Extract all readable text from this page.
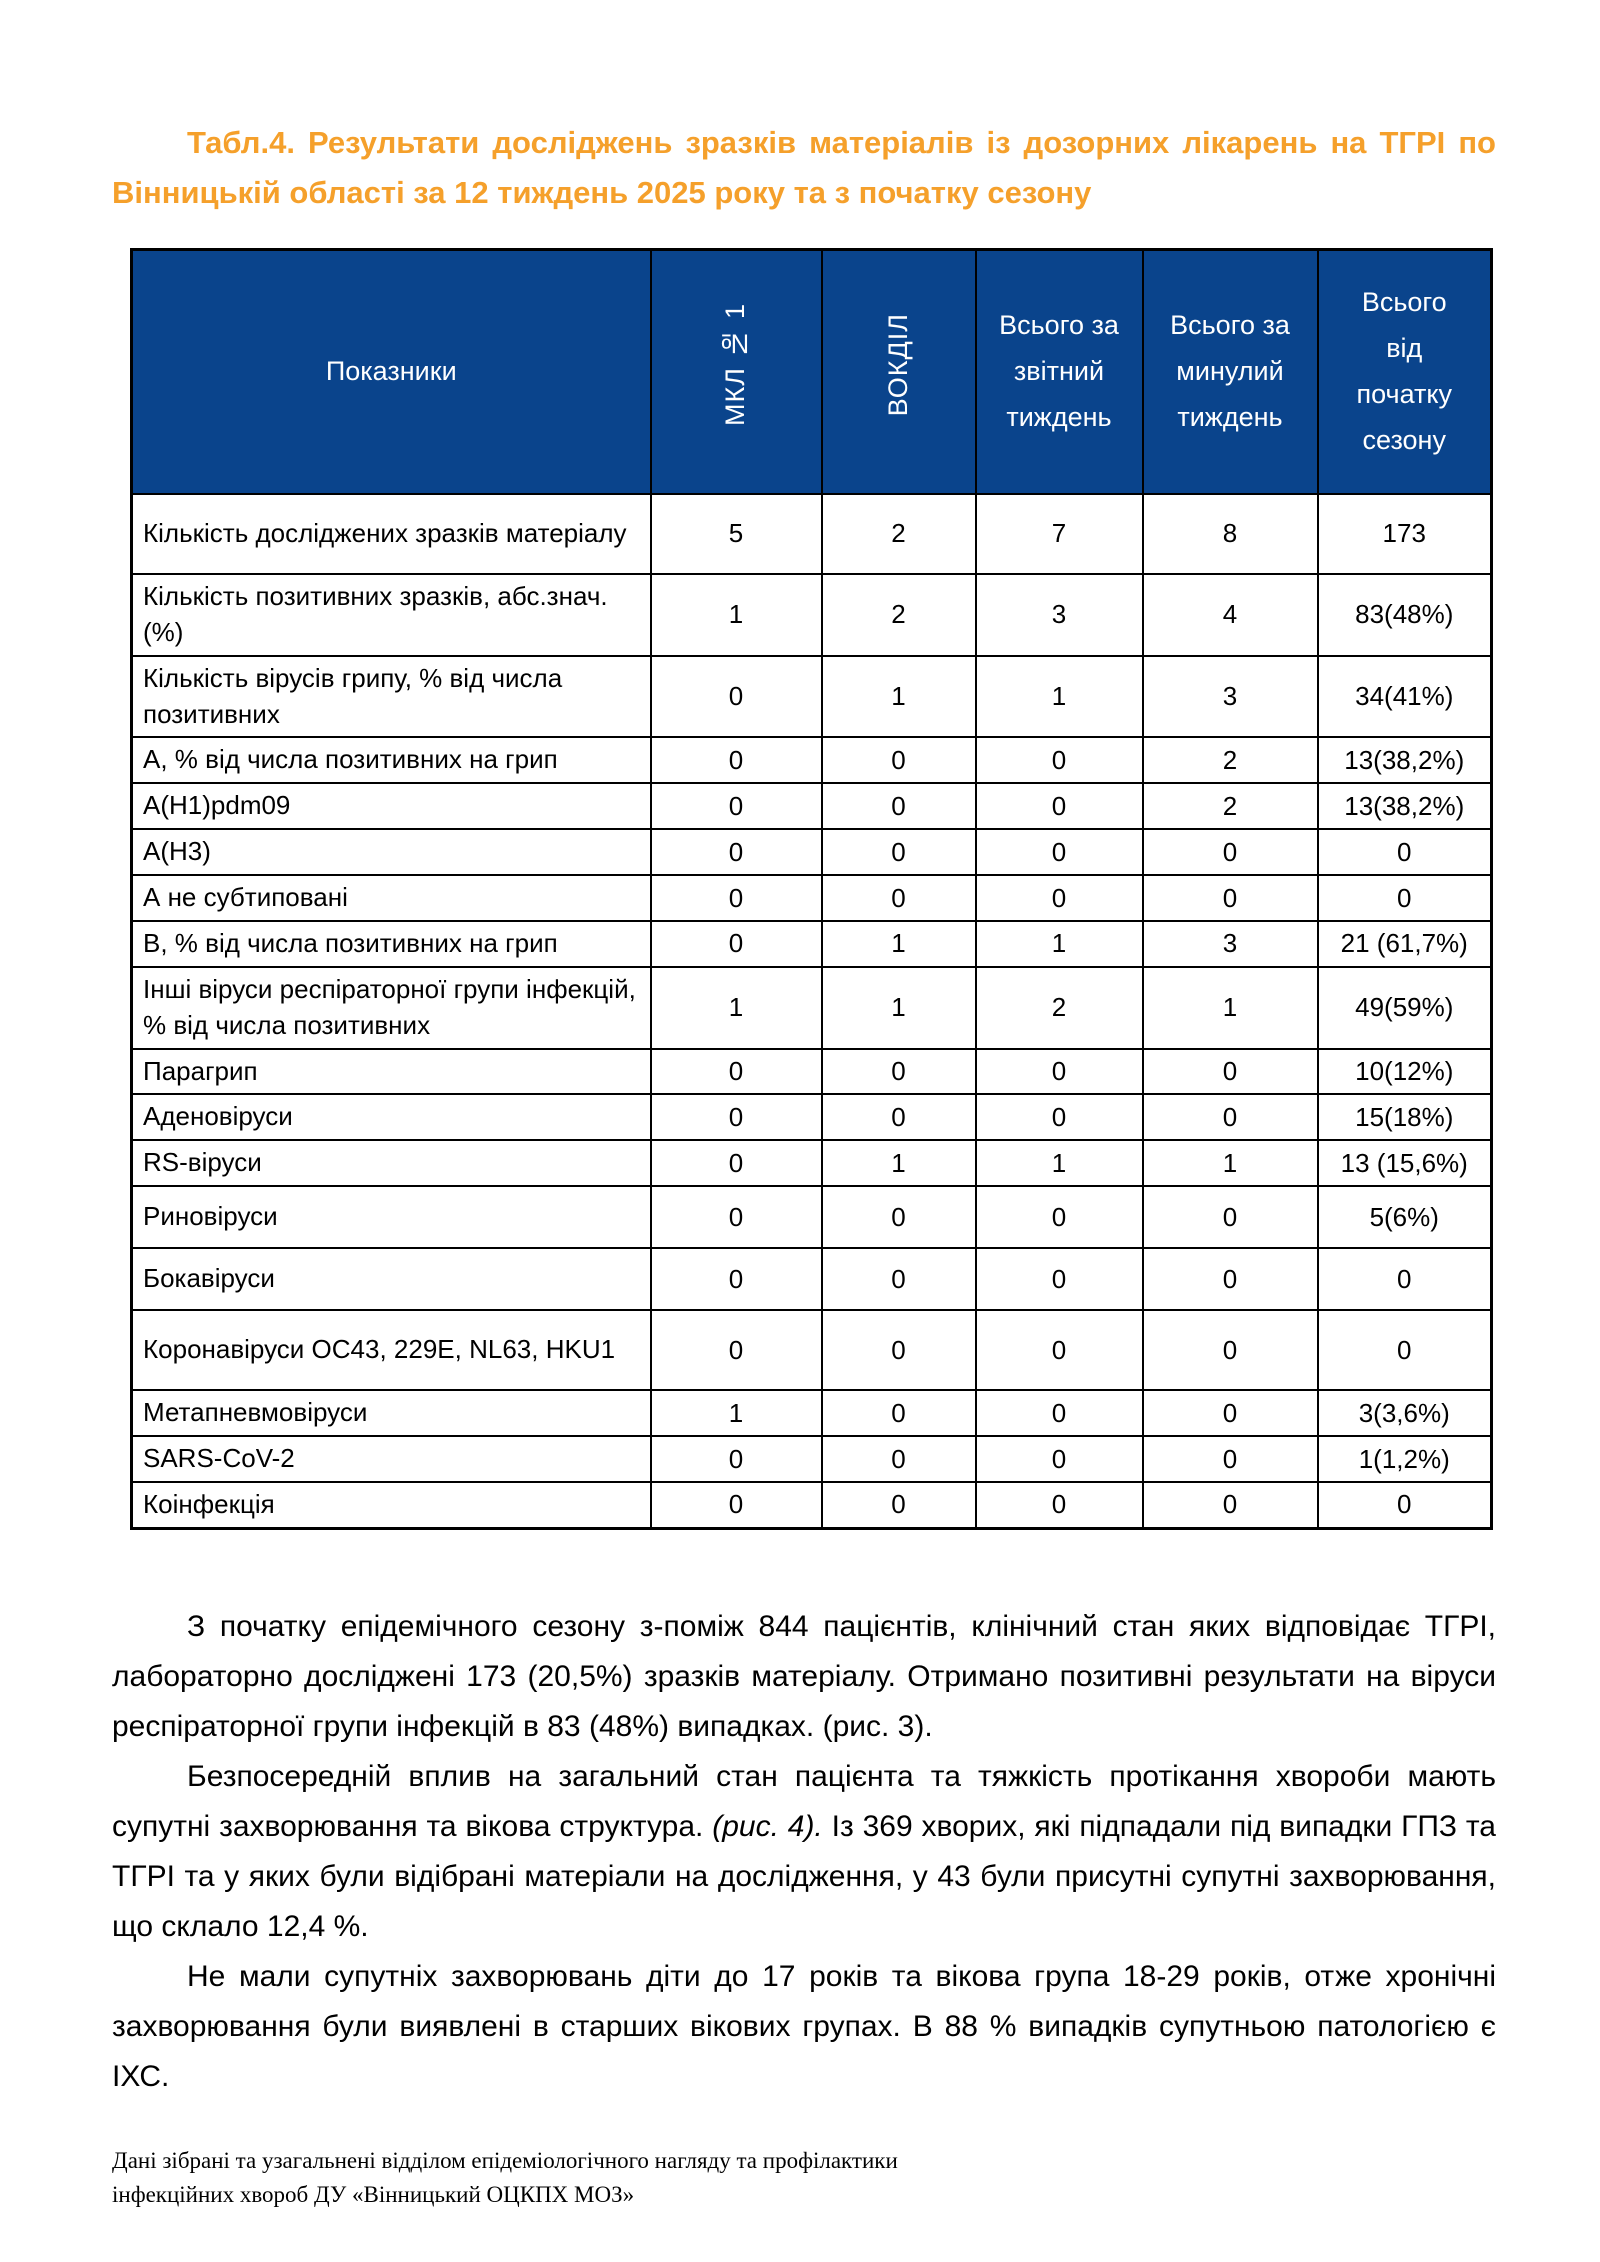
Табл.4. Результати досліджень зразків матеріалів із дозорних лікарень на ТГРІ по Вінницькій області за 12 тиждень 2025 року та з початку сезону

Показники	МКЛ № 1	ВОКДІЛ	Всього за звітний тиждень	Всього за минулий тиждень	Всього від початку сезону
Кількість досліджених зразків матеріалу	5	2	7	8	173
Кількість позитивних зразків, абс.знач. (%)	1	2	3	4	83(48%)
Кількість вірусів грипу, % від числа позитивних	0	1	1	3	34(41%)
А, % від числа позитивних на грип	0	0	0	2	13(38,2%)
A(H1)pdm09	0	0	0	2	13(38,2%)
A(H3)	0	0	0	0	0
А не субтиповані	0	0	0	0	0
В, % від числа позитивних на грип	0	1	1	3	21 (61,7%)
Інші віруси респіраторної групи інфекцій, % від числа позитивних	1	1	2	1	49(59%)
Парагрип	0	0	0	0	10(12%)
Аденовіруси	0	0	0	0	15(18%)
RS-віруси	0	1	1	1	13 (15,6%)
Риновіруси	0	0	0	0	5(6%)
Бокавіруси	0	0	0	0	0
Коронавіруси ОС43, 229Е, NL63, HKU1	0	0	0	0	0
Метапневмовіруси	1	0	0	0	3(3,6%)
SARS-CoV-2	0	0	0	0	1(1,2%)
Коінфекція	0	0	0	0	0

З початку епідемічного сезону з-поміж 844 пацієнтів, клінічний стан яких відповідає ТГРІ, лабораторно досліджені 173 (20,5%) зразків матеріалу. Отримано позитивні результати на віруси респіраторної групи інфекцій в 83 (48%) випадках. (рис. 3).

Безпосередній вплив на загальний стан пацієнта та тяжкість протікання хвороби мають супутні захворювання та вікова структура. (рис. 4). Із 369 хворих, які підпадали під випадки ГПЗ та ТГРІ та у яких були відібрані матеріали на дослідження, у 43 були присутні супутні захворювання, що склало 12,4 %.

Не мали супутніх захворювань діти до 17 років та вікова група 18-29 років, отже хронічні захворювання були виявлені в старших вікових групах. В 88 % випадків супутньою патологією є ІХС.

Дані зібрані та узагальнені відділом епідеміологічного нагляду та профілактики
інфекційних хвороб ДУ «Вінницький ОЦКПХ МОЗ»
